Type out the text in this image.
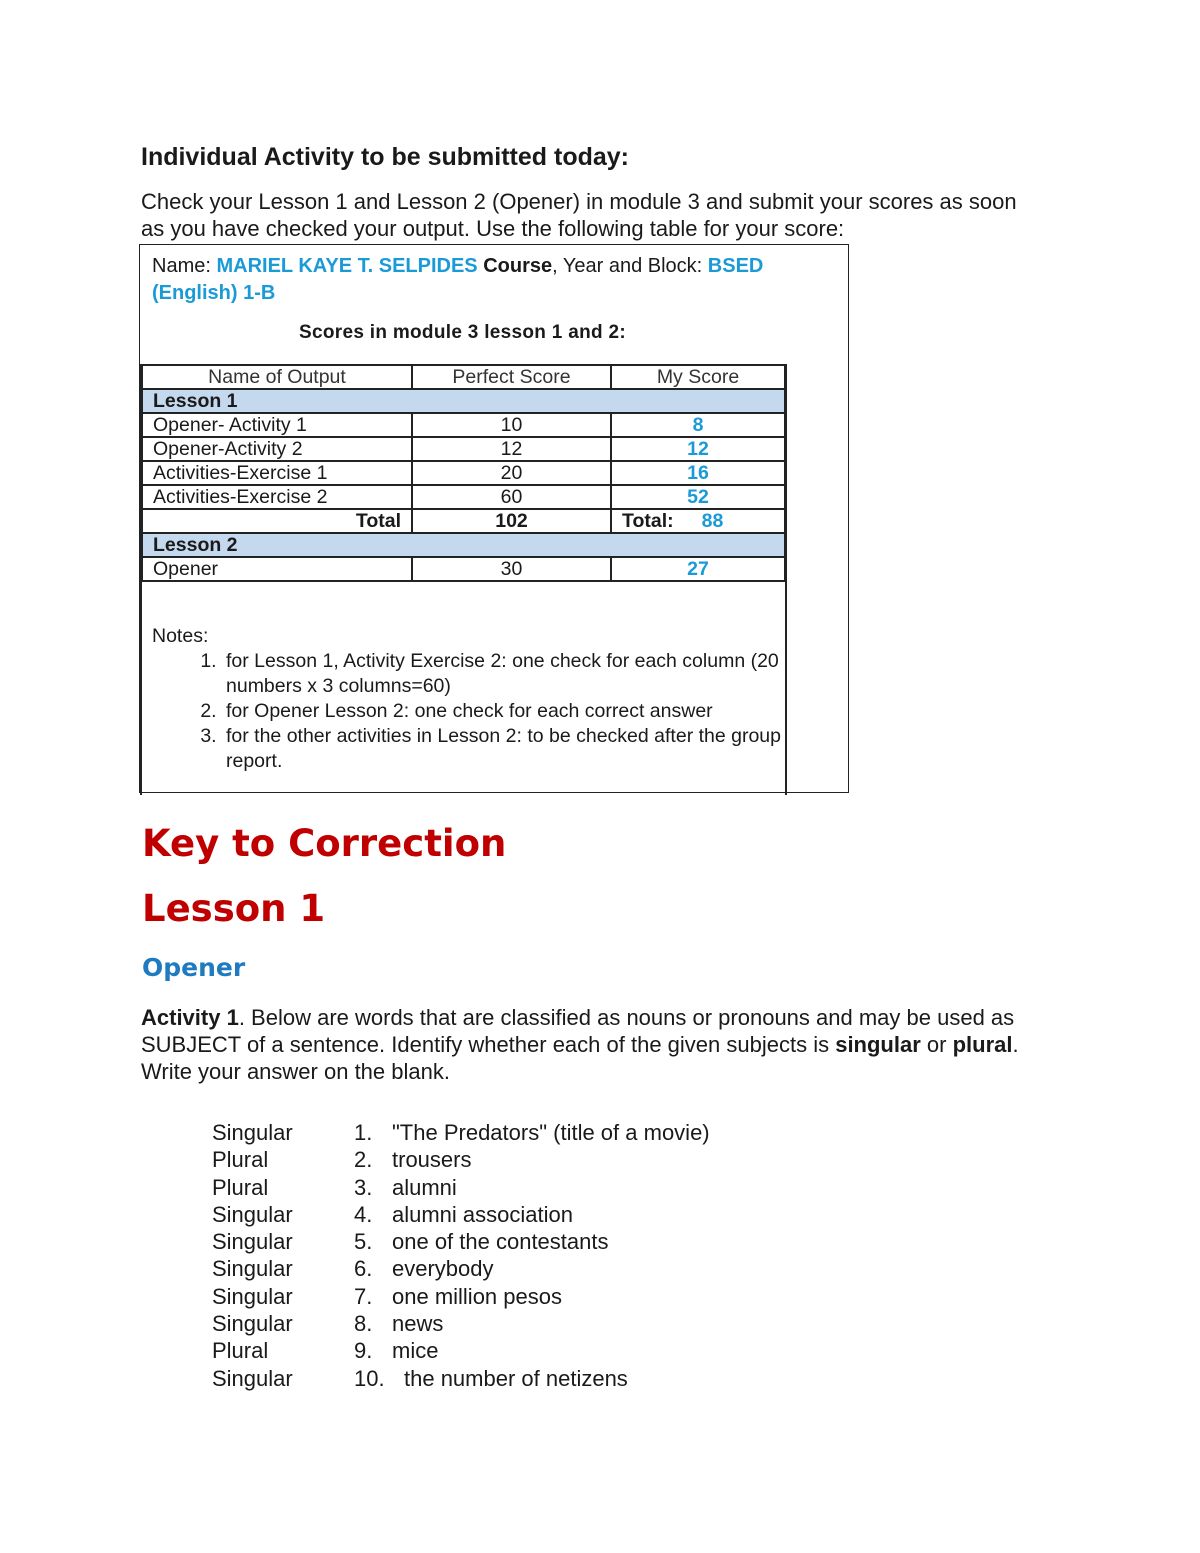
Individual Activity to be submitted today:

Check your Lesson 1 and Lesson 2 (Opener) in module 3 and submit your scores as soon as you have checked your output. Use the following table for your score:

Name: MARIEL KAYE T. SELPIDES Course, Year and Block: BSED (English) 1-B
Scores in module 3 lesson 1 and 2:
Name of Output	Perfect Score	My Score
Lesson 1		
Opener- Activity 1	10	8
Opener-Activity 2	12	12
Activities-Exercise 1	20	16
Activities-Exercise 2	60	52
Total	102	Total: 88
Lesson 2		
Opener	30	27
Notes:
1. for Lesson 1, Activity Exercise 2: one check for each column (20 numbers x 3 columns=60)
2. for Opener Lesson 2: one check for each correct answer
3. for the other activities in Lesson 2: to be checked after the group report.
Key to Correction
Lesson 1
Opener

Activity 1. Below are words that are classified as nouns or pronouns and may be used as SUBJECT of a sentence. Identify whether each of the given subjects is singular or plural. Write your answer on the blank.

Singular	1. "The Predators" (title of a movie)
Plural	2. trousers
Plural	3. alumni
Singular	4. alumni association
Singular	5. one of the contestants
Singular	6. everybody
Singular	7. one million pesos
Singular	8. news
Plural	9. mice
Singular	10. the number of netizens
